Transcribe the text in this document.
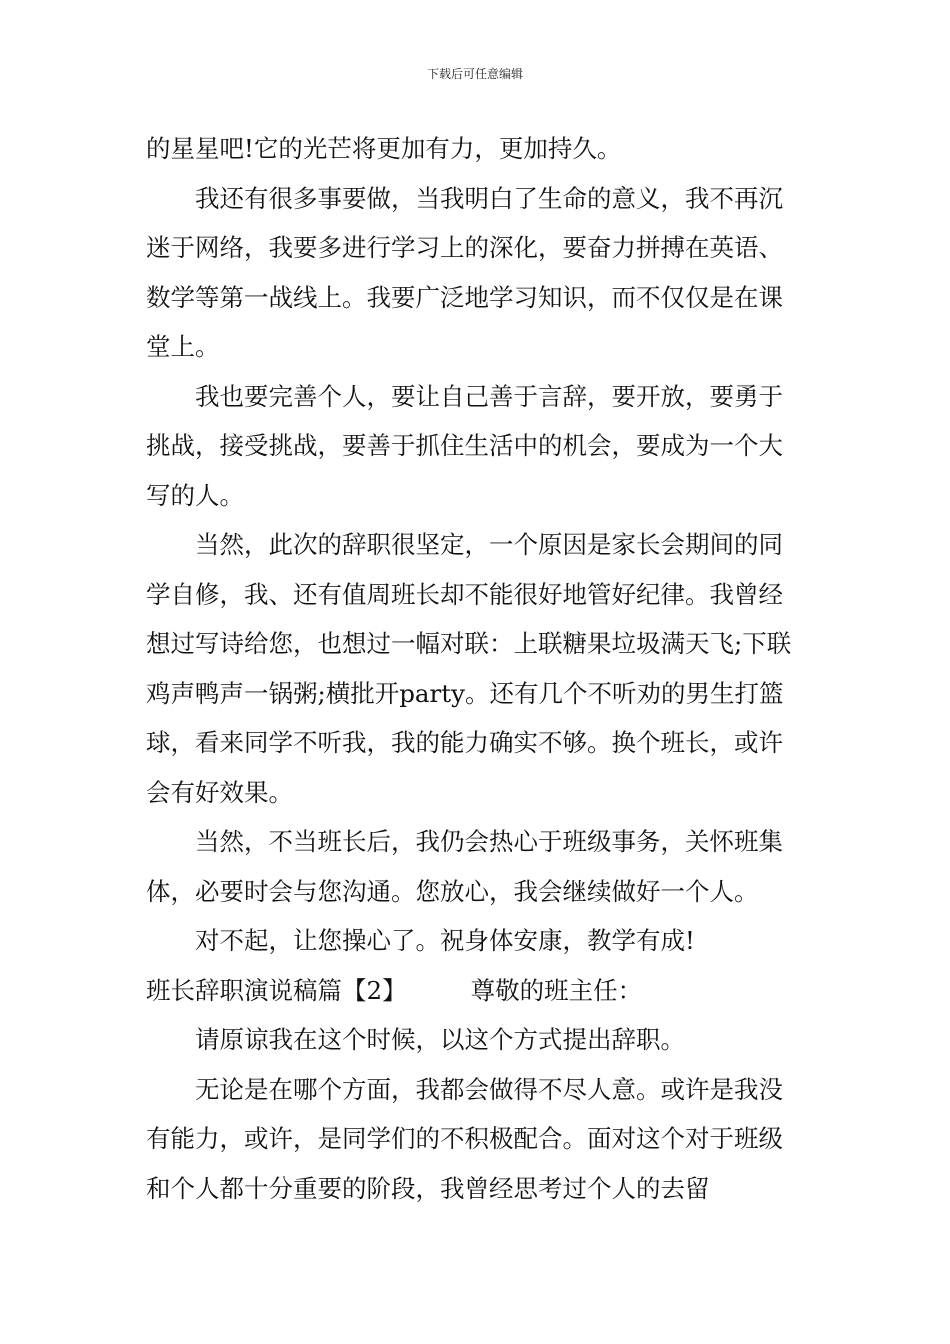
下载后可任意编辑

的星星吧!它的光芒将更加有力，更加持久。

我还有很多事要做，当我明白了生命的意义，我不再沉迷于网络，我要多进行学习上的深化，要奋力拼搏在英语、数学等第一战线上。我要广泛地学习知识，而不仅仅是在课堂上。

我也要完善个人，要让自己善于言辞，要开放，要勇于挑战，接受挑战，要善于抓住生活中的机会，要成为一个大写的人。

当然，此次的辞职很坚定，一个原因是家长会期间的同学自修，我、还有值周班长却不能很好地管好纪律。我曾经想过写诗给您，也想过一幅对联：上联糖果垃圾满天飞;下联鸡声鸭声一锅粥;横批开party。还有几个不听劝的男生打篮球，看来同学不听我，我的能力确实不够。换个班长，或许会有好效果。

当然，不当班长后，我仍会热心于班级事务，关怀班集体，必要时会与您沟通。您放心，我会继续做好一个人。

对不起，让您操心了。祝身体安康，教学有成!

班长辞职演说稿篇【2】	尊敬的班主任：

请原谅我在这个时候，以这个方式提出辞职。

无论是在哪个方面，我都会做得不尽人意。或许是我没有能力，或许，是同学们的不积极配合。面对这个对于班级和个人都十分重要的阶段，我曾经思考过个人的去留
